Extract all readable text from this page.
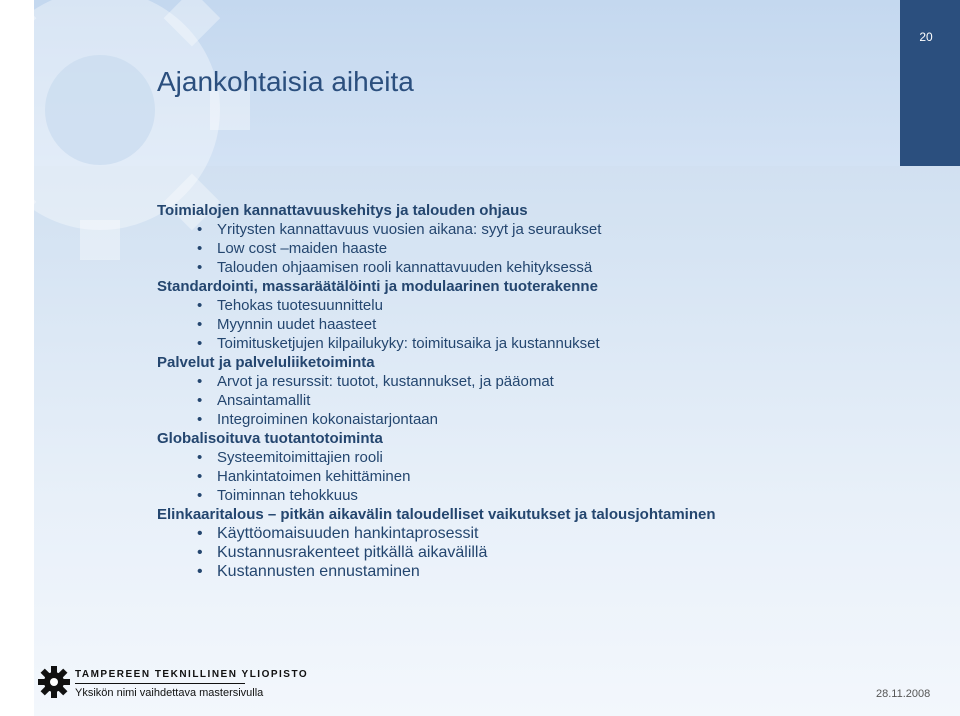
20
Ajankohtaisia aiheita
Toimialojen kannattavuuskehitys ja talouden ohjaus
• Yritysten kannattavuus vuosien aikana: syyt ja seuraukset
• Low cost –maiden haaste
• Talouden ohjaamisen rooli kannattavuuden kehityksessä
Standardointi, massaräätälöinti ja modulaarinen tuoterakenne
• Tehokas tuotesuunnittelu
• Myynnin uudet haasteet
• Toimitusketjujen kilpailukyky: toimitusaika ja kustannukset
Palvelut ja palveluliiketoiminta
• Arvot ja resurssit: tuotot, kustannukset, ja pääomat
• Ansaintamallit
• Integroiminen kokonaistarjontaan
Globalisoituva tuotantotoiminta
• Systeemitoimittajien rooli
• Hankintatoimen kehittäminen
• Toiminnan tehokkuus
Elinkaaritalous – pitkän aikavälin taloudelliset vaikutukset ja talousjohtaminen
• Käyttöomaisuuden hankintaprosessit
• Kustannusrakenteet pitkällä aikavälillä
• Kustannusten ennustaminen
TAMPEREEN TEKNILLINEN YLIOPISTO
Yksikön nimi vaihdettava mastersivulla	28.11.2008
